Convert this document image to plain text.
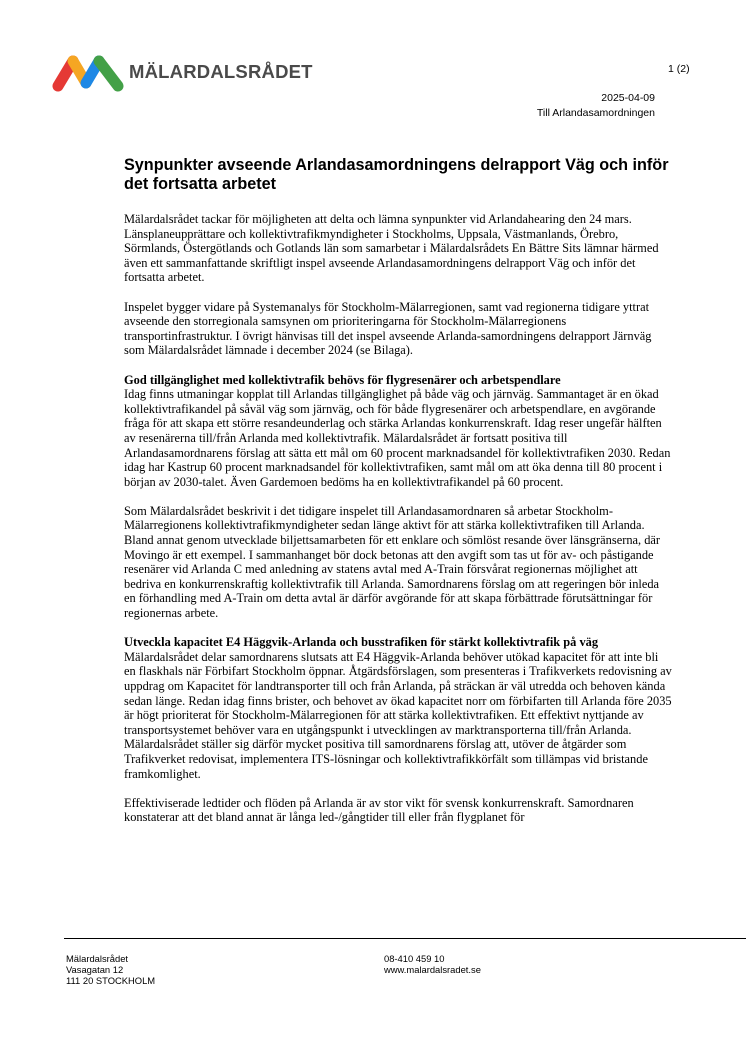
MÄLARDALSRÅDET	1 (2)
2025-04-09
Till Arlandasamordningen
Synpunkter avseende Arlandasamordningens delrapport Väg och inför det fortsatta arbetet

Mälardalsrådet tackar för möjligheten att delta och lämna synpunkter vid Arlandahearing den 24 mars. Länsplaneupprättare och kollektivtrafikmyndigheter i Stockholms, Uppsala, Västmanlands, Örebro, Sörmlands, Östergötlands och Gotlands län som samarbetar i Mälardalsrådets En Bättre Sits lämnar härmed även ett sammanfattande skriftligt inspel avseende Arlandasamordningens delrapport Väg och inför det fortsatta arbetet.

Inspelet bygger vidare på Systemanalys för Stockholm-Mälarregionen, samt vad regionerna tidigare yttrat avseende den storregionala samsynen om prioriteringarna för Stockholm-Mälarregionens transportinfrastruktur. I övrigt hänvisas till det inspel avseende Arlanda-samordningens delrapport Järnväg som Mälardalsrådet lämnade i december 2024 (se Bilaga).

God tillgänglighet med kollektivtrafik behövs för flygresenärer och arbetspendlare
Idag finns utmaningar kopplat till Arlandas tillgänglighet på både väg och järnväg. Sammantaget är en ökad kollektivtrafikandel på såväl väg som järnväg, och för både flygresenärer och arbetspendlare, en avgörande fråga för att skapa ett större resandeunderlag och stärka Arlandas konkurrenskraft. Idag reser ungefär hälften av resenärerna till/från Arlanda med kollektivtrafik. Mälardalsrådet är fortsatt positiva till Arlandasamordnarens förslag att sätta ett mål om 60 procent marknadsandel för kollektivtrafiken 2030. Redan idag har Kastrup 60 procent marknadsandel för kollektivtrafiken, samt mål om att öka denna till 80 procent i början av 2030-talet. Även Gardemoen bedöms ha en kollektivtrafikandel på 60 procent.

Som Mälardalsrådet beskrivit i det tidigare inspelet till Arlandasamordnaren så arbetar Stockholm-Mälarregionens kollektivtrafikmyndigheter sedan länge aktivt för att stärka kollektivtrafiken till Arlanda. Bland annat genom utvecklade biljettsamarbeten för ett enklare och sömlöst resande över länsgränserna, där Movingo är ett exempel. I sammanhanget bör dock betonas att den avgift som tas ut för av- och påstigande resenärer vid Arlanda C med anledning av statens avtal med A-Train försvårat regionernas möjlighet att bedriva en konkurrenskraftig kollektivtrafik till Arlanda. Samordnarens förslag om att regeringen bör inleda en förhandling med A-Train om detta avtal är därför avgörande för att skapa förbättrade förutsättningar för regionernas arbete.

Utveckla kapacitet E4 Häggvik-Arlanda och busstrafiken för stärkt kollektivtrafik på väg
Mälardalsrådet delar samordnarens slutsats att E4 Häggvik-Arlanda behöver utökad kapacitet för att inte bli en flaskhals när Förbifart Stockholm öppnar. Åtgärdsförslagen, som presenteras i Trafikverkets redovisning av uppdrag om Kapacitet för landtransporter till och från Arlanda, på sträckan är väl utredda och behoven kända sedan länge. Redan idag finns brister, och behovet av ökad kapacitet norr om förbifarten till Arlanda före 2035 är högt prioriterat för Stockholm-Mälarregionen för att stärka kollektivtrafiken. Ett effektivt nyttjande av transportsystemet behöver vara en utgångspunkt i utvecklingen av marktransporterna till/från Arlanda. Mälardalsrådet ställer sig därför mycket positiva till samordnarens förslag att, utöver de åtgärder som Trafikverket redovisat, implementera ITS-lösningar och kollektivtrafikkörfält som tillämpas vid bristande framkomlighet.

Effektiviserade ledtider och flöden på Arlanda är av stor vikt för svensk konkurrenskraft. Samordnaren konstaterar att det bland annat är långa led-/gångtider till eller från flygplanet för

Mälardalsrådet
Vasagatan 12
111 20 STOCKHOLM
08-410 459 10
www.malardalsradet.se
